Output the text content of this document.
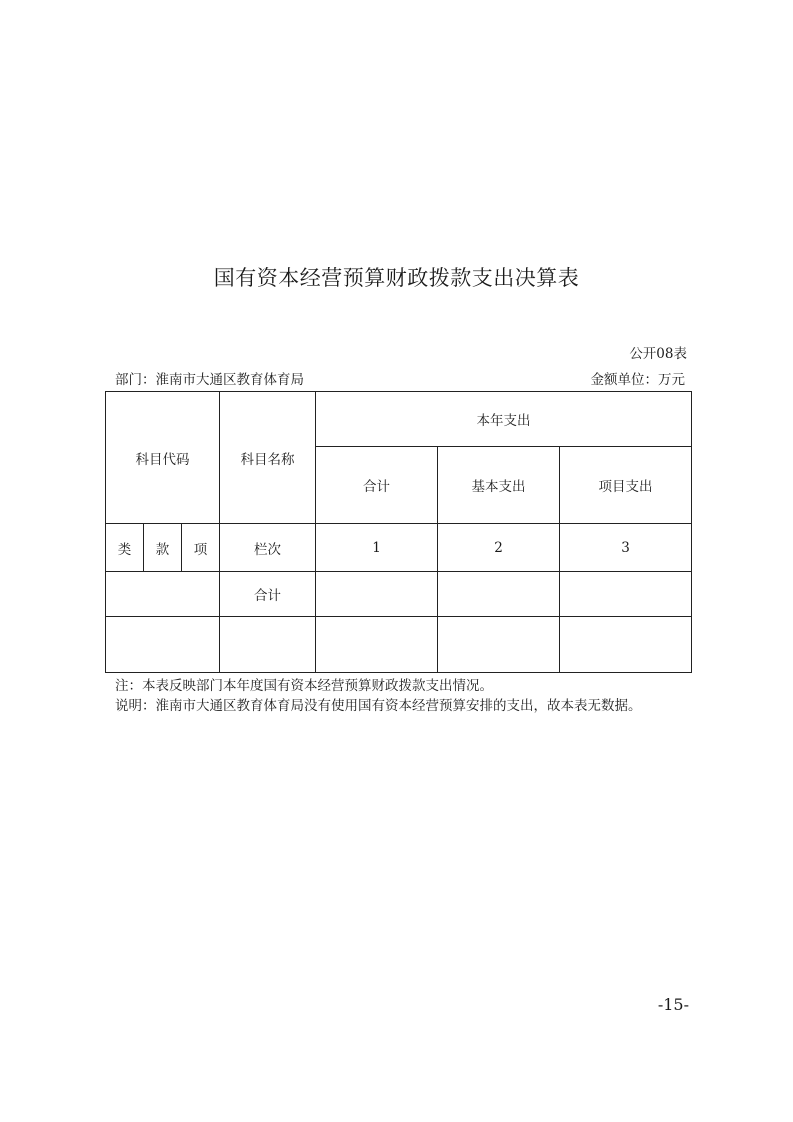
国有资本经营预算财政拨款支出决算表
公开08表
部门：淮南市大通区教育体育局	金额单位：万元
科目代码			科目名称	本年支出		
				合计	基本支出	项目支出
类	款	项	栏次	1	2	3
			合计			

注：本表反映部门本年度国有资本经营预算财政拨款支出情况。
说明：淮南市大通区教育体育局没有使用国有资本经营预算安排的支出，故本表无数据。
-15-
